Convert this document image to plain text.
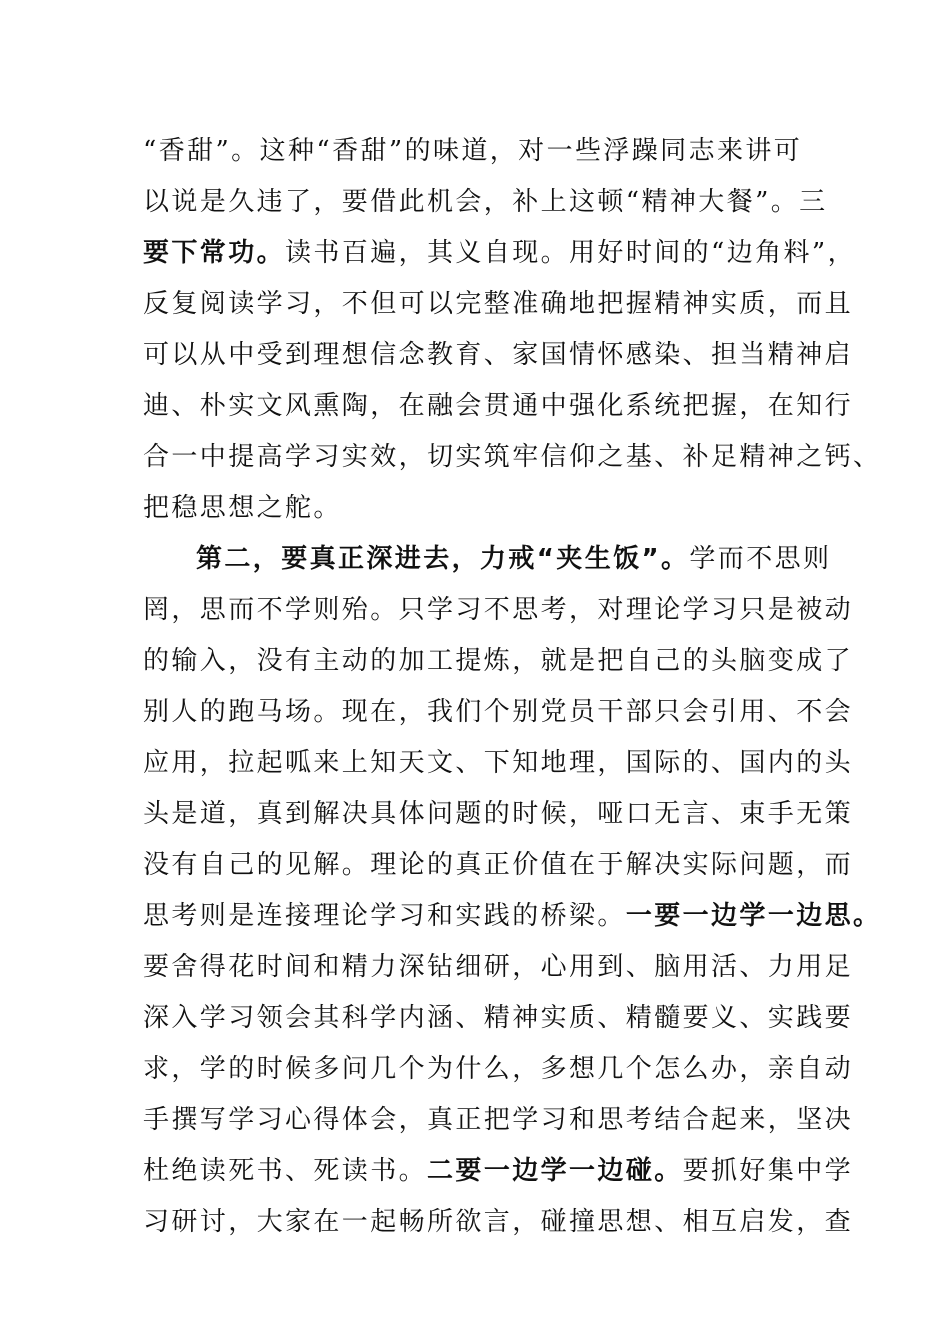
“香甜”。这种“香甜”的味道，对一些浮躁同志来讲可
以说是久违了，要借此机会，补上这顿“精神大餐”。三
要下常功。读书百遍，其义自现。用好时间的“边角料”，
反复阅读学习，不但可以完整准确地把握精神实质，而且
可以从中受到理想信念教育、家国情怀感染、担当精神启
迪、朴实文风熏陶，在融会贯通中强化系统把握，在知行
合一中提高学习实效，切实筑牢信仰之基、补足精神之钙、
把稳思想之舵。
第二，要真正深进去，力戒“夹生饭”。学而不思则
罔，思而不学则殆。只学习不思考，对理论学习只是被动
的输入，没有主动的加工提炼，就是把自己的头脑变成了
别人的跑马场。现在，我们个别党员干部只会引用、不会
应用，拉起呱来上知天文、下知地理，国际的、国内的头
头是道，真到解决具体问题的时候，哑口无言、束手无策
没有自己的见解。理论的真正价值在于解决实际问题，而
思考则是连接理论学习和实践的桥梁。一要一边学一边思。
要舍得花时间和精力深钻细研，心用到、脑用活、力用足
深入学习领会其科学内涵、精神实质、精髓要义、实践要
求，学的时候多问几个为什么，多想几个怎么办，亲自动
手撰写学习心得体会，真正把学习和思考结合起来，坚决
杜绝读死书、死读书。二要一边学一边碰。要抓好集中学
习研讨，大家在一起畅所欲言，碰撞思想、相互启发，查
